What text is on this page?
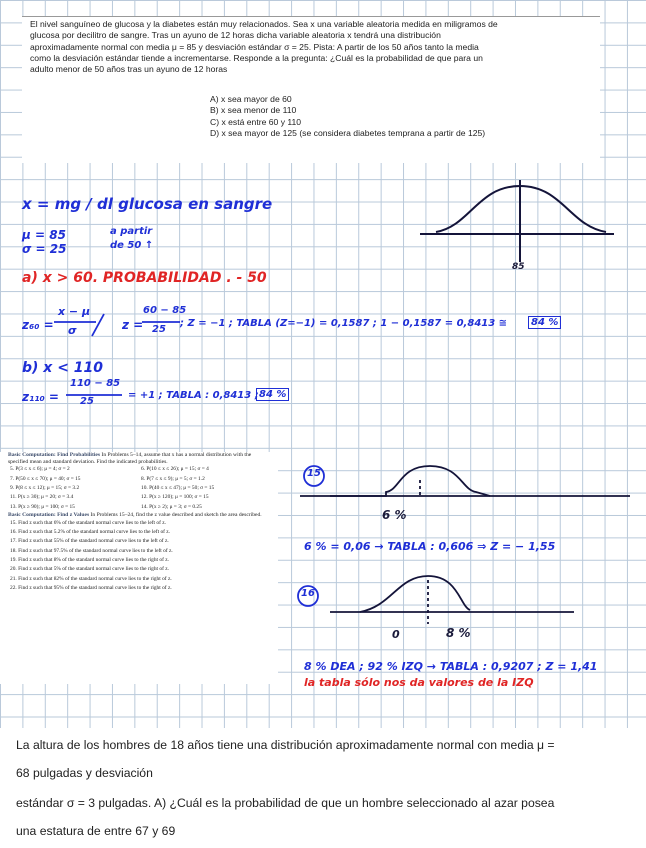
El nivel sanguíneo de glucosa y la diabetes están muy relacionados. Sea x una variable aleatoria medida en miligramos de
glucosa por decilitro de sangre. Tras un ayuno de 12 horas dicha variable aleatoria x tendrá una distribución
aproximadamente normal con media μ = 85 y desviación estándar σ = 25. Pista: A partir de los 50 años tanto la media
como la desviación estándar tiende a incrementarse. Responde a la pregunta: ¿Cuál es la probabilidad de que para un
adulto menor de 50 años tras un ayuno de 12 horas
A) x sea mayor de 60
B) x sea menor de 110
C) x está entre 60 y 110
D) x sea mayor de 125 (se considera diabetes temprana a partir de 125)
x = mg / dl glucosa en sangre
μ = 85
σ = 25
a partir
de 50 ↑
85
a) x > 60. PROBABILIDAD . - 50
z₆₀ =
x − μ
σ	z =
60 − 85
25
; Z = −1 ; TABLA (Z=−1) = 0,1587 ; 1 − 0,1587 = 0,8413 ≅	84 %
b) x < 110
z₁₁₀ =
110 − 85
25
= +1 ; TABLA : 0,8413 ; 84 %
Basic Computation: Find Probabilities In Problems 5–14, assume that x has a normal distribution with the specified mean and standard deviation. Find the indicated probabilities.
5. P(3 ≤ x ≤ 6); μ = 4; σ = 2	6. P(10 ≤ x ≤ 26); μ = 15; σ = 4
7. P(50 ≤ x ≤ 70); μ = 40; σ = 15	8. P(7 ≤ x ≤ 9); μ = 5; σ = 1.2
9. P(8 ≤ x ≤ 12); μ = 15; σ = 3.2	10. P(40 ≤ x ≤ 47); μ = 50; σ = 15
11. P(x ≥ 30); μ = 20; σ = 3.4	12. P(x ≥ 120); μ = 100; σ = 15
13. P(x ≥ 90); μ = 100; σ = 15	14. P(x ≥ 2); μ = 3; σ = 0.25
Basic Computation: Find z Values In Problems 15–24, find the z value described and sketch the area described.
15. Find z such that 6% of the standard normal curve lies to the left of z.
16. Find z such that 5.2% of the standard normal curve lies to the left of z.
17. Find z such that 55% of the standard normal curve lies to the left of z.
18. Find z such that 97.5% of the standard normal curve lies to the left of z.
19. Find z such that 8% of the standard normal curve lies to the right of z.
20. Find z such that 5% of the standard normal curve lies to the right of z.
21. Find z such that 82% of the standard normal curve lies to the right of z.
22. Find z such that 95% of the standard normal curve lies to the right of z.
15
6 %
6 % = 0,06 → TABLA : 0,606 ⇒ Z = − 1,55
16
0	8 %
8 % DEA ; 92 % IZQ → TABLA : 0,9207 ; Z = 1,41
la tabla sólo nos da valores de la IZQ

La altura de los hombres de 18 años tiene una distribución aproximadamente normal con media μ =

68 pulgadas y desviación

estándar σ = 3 pulgadas. A) ¿Cuál es la probabilidad de que un hombre seleccionado al azar posea

una estatura de entre 67 y 69
